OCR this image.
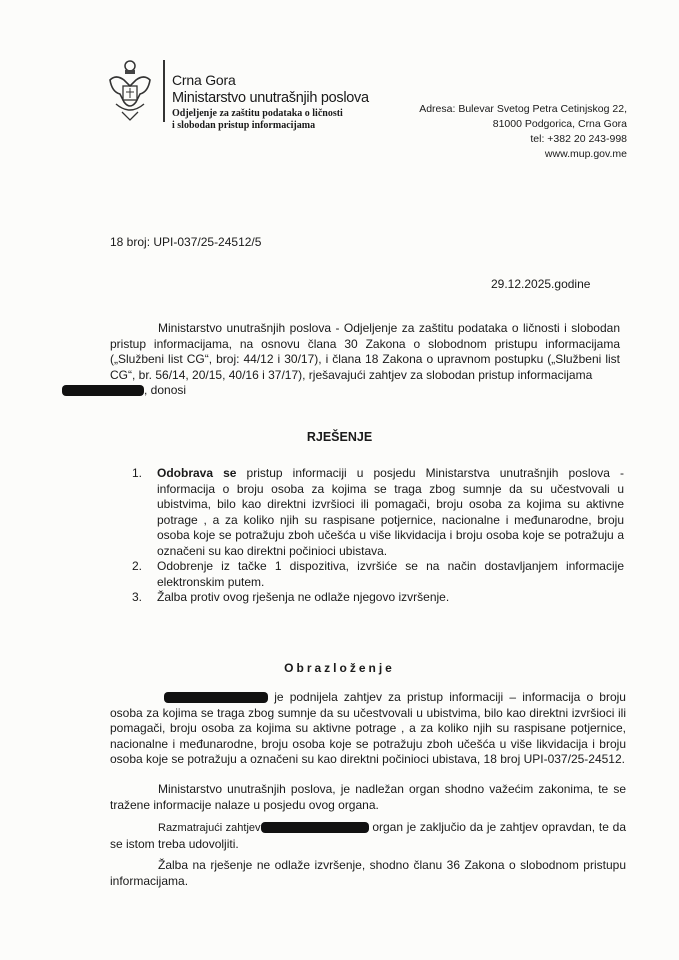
Crna Gora
Ministarstvo unutrašnjih poslova
Odjeljenje za zaštitu podataka o ličnosti
i slobodan pristup informacijama
Adresa: Bulevar Svetog Petra Cetinjskog 22,
81000 Podgorica, Crna Gora
tel: +382 20 243-998
www.mup.gov.me
18 broj: UPI-037/25-24512/5
29.12.2025.godine
Ministarstvo unutrašnjih poslova - Odjeljenje za zaštitu podataka o ličnosti i slobodan pristup informacijama, na osnovu člana 30 Zakona o slobodnom pristupu informacijama („Službeni list CG“, broj: 44/12 i 30/17), i člana 18 Zakona o upravnom postupku („Službeni list CG“, br. 56/14, 20/15, 40/16 i 37/17), rješavajući zahtjev za slobodan pristup informacijama
, donosi
RJEŠENJE
1. Odobrava se pristup informaciji u posjedu Ministarstva unutrašnjih poslova - informacija o broju osoba za kojima se traga zbog sumnje da su učestvovali u ubistvima, bilo kao direktni izvršioci ili pomagači, broju osoba za kojima su aktivne potrage , a za koliko njih su raspisane potjernice, nacionalne i međunarodne, broju osoba koje se potražuju zboh učešća u više likvidacija i broju osoba koje se potražuju a označeni su kao direktni počinioci ubistava.
2. Odobrenje iz tačke 1 dispozitiva, izvršiće se na način dostavljanjem informacije elektronskim putem.
3. Žalba protiv ovog rješenja ne odlaže njegovo izvršenje.
Obrazloženje
je podnijela zahtjev za pristup informaciji – informacija o broju osoba za kojima se traga zbog sumnje da su učestvovali u ubistvima, bilo kao direktni izvršioci ili pomagači, broju osoba za kojima su aktivne potrage , a za koliko njih su raspisane potjernice, nacionalne i međunarodne, broju osoba koje se potražuju zboh učešća u više likvidacija i broju osoba koje se potražuju a označeni su kao direktni počinioci ubistava, 18 broj UPI-037/25-24512.
Ministarstvo unutrašnjih poslova, je nadležan organ shodno važećim zakonima, te se tražene informacije nalaze u posjedu ovog organa.
Razmatrajući zahtjev	organ je zaključio da je zahtjev opravdan, te da se istom treba udovoljiti.
Žalba na rješenje ne odlaže izvršenje, shodno članu 36 Zakona o slobodnom pristupu informacijama.
